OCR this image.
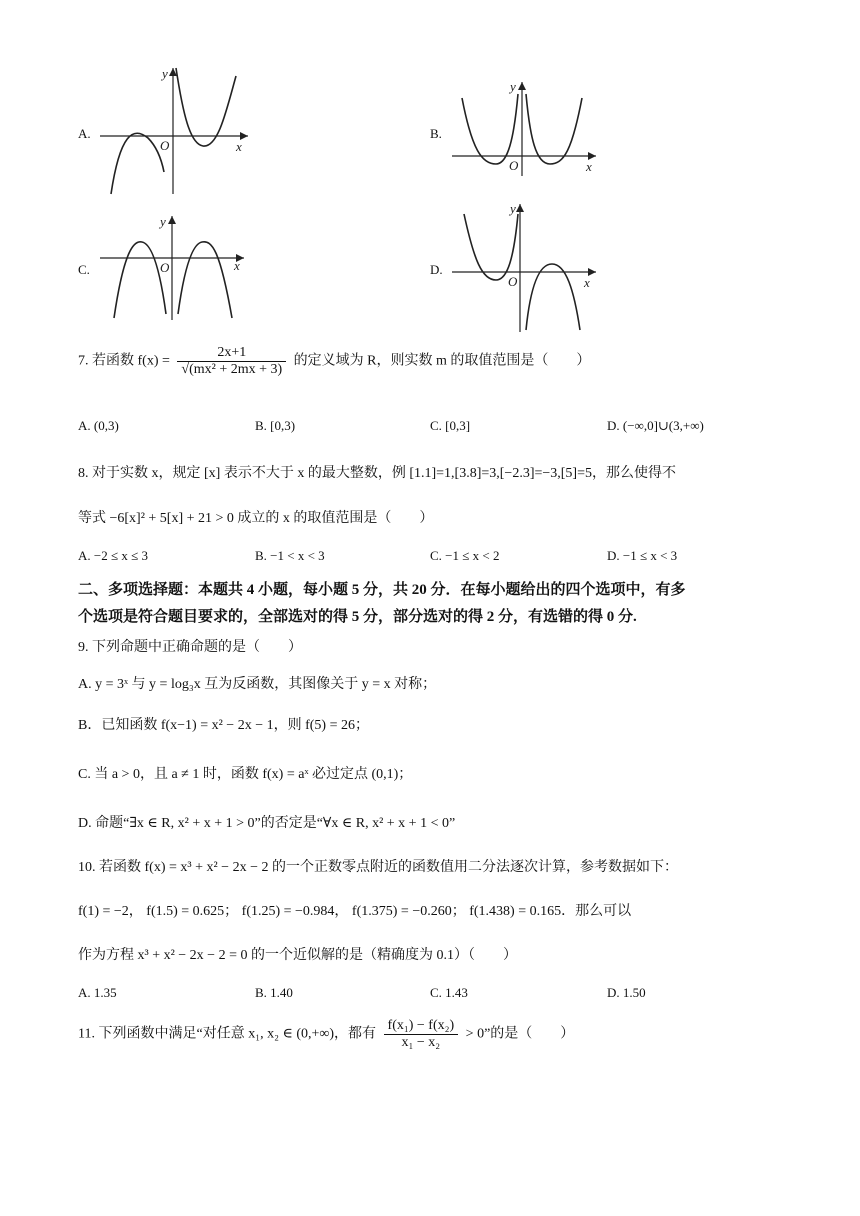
A.
y
O	x
B.
y
O	x
C.
y
O	x	D.
y
O	x
7. 若函数 $f(x) = \frac{2x+1}{\text{√(mx² + 2mx + 3)}}$ 的定义域为 R，则实数 m 的取值范围是（　　）
A. (0,3)	B. [0,3)	C. [0,3]	D. (−∞,0]∪(3,+∞)
8. 对于实数 x，规定 [x] 表示不大于 x 的最大整数，例 [1.1]=1,[3.8]=3,[−2.3]=−3,[5]=5，那么使得不
等式 −6[x]² + 5[x] + 21 > 0 成立的 x 的取值范围是（　　）
A. −2 ≤ x ≤ 3	B. −1 < x < 3	C. −1 ≤ x < 2	D. −1 ≤ x < 3
二、多项选择题：本题共 4 小题，每小题 5 分，共 20 分．在每小题给出的四个选项中，有多
个选项是符合题目要求的，全部选对的得 5 分，部分选对的得 2 分，有选错的得 0 分.
9. 下列命题中正确命题的是（　　）
A. y = 3ˣ 与 y = log₃x 互为反函数，其图像关于 y = x 对称；
B．已知函数 f(x−1) = x² − 2x − 1，则 f(5) = 26；
C. 当 a > 0，且 a ≠ 1 时，函数 f(x) = aˣ 必过定点 (0,1)；
D. 命题“∃x ∈ R, x² + x + 1 > 0”的否定是“∀x ∈ R, x² + x + 1 < 0”
10. 若函数 f(x) = x³ + x² − 2x − 2 的一个正数零点附近的函数值用二分法逐次计算，参考数据如下：
f(1) = −2， f(1.5) = 0.625； f(1.25) = −0.984， f(1.375) = −0.260； f(1.438) = 0.165．那么可以
作为方程 x³ + x² − 2x − 2 = 0 的一个近似解的是（精确度为 0.1）（　　）
A. 1.35	B. 1.40	C. 1.43	D. 1.50
11. 下列函数中满足“对任意 x₁, x₂ ∈ (0,+∞)，都有 $\frac{\text{f(x₁) − f(x₂)}}{\text{x₁ − x₂}} > 0$”的是（　　）
